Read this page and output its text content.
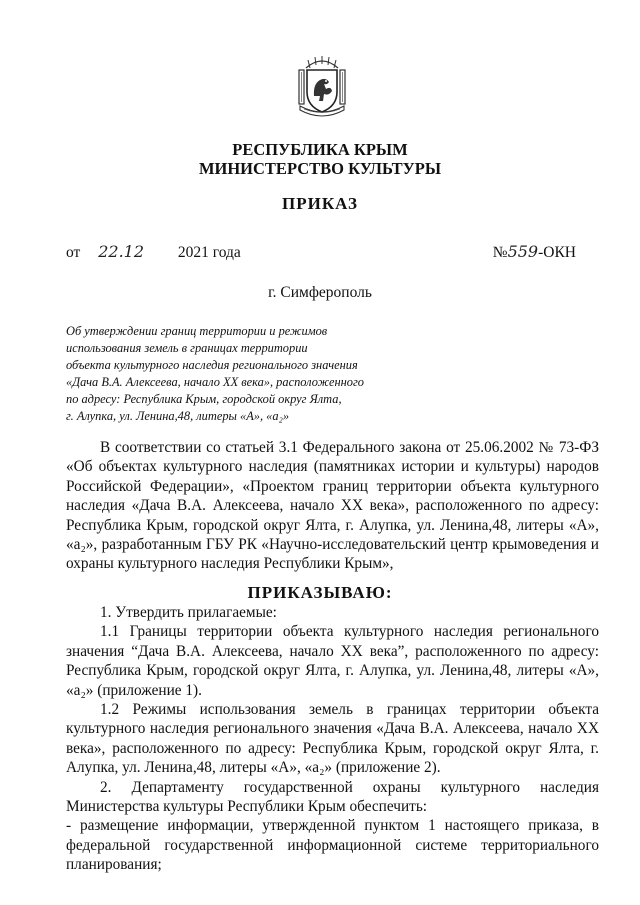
РЕСПУБЛИКА КРЫМ
МИНИСТЕРСТВО КУЛЬТУРЫ
ПРИКАЗ
от 22.12 2021 года	№559-ОКН
г. Симферополь
Об утверждении границ территории и режимов
использования земель в границах территории
объекта культурного наследия регионального значения
«Дача В.А. Алексеева, начало ХХ века», расположенного
по адресу: Республика Крым, городской округ Ялта,
г. Алупка, ул. Ленина,48, литеры «А», «а₂»
В соответствии со статьей 3.1 Федерального закона от 25.06.2002 № 73-ФЗ «Об объектах культурного наследия (памятниках истории и культуры) народов Российской Федерации», «Проектом границ территории объекта культурного наследия «Дача В.А. Алексеева, начало ХХ века», расположенного по адресу: Республика Крым, городской округ Ялта, г. Алупка, ул. Ленина,48, литеры «А», «а₂», разработанным ГБУ РК «Научно-исследовательский центр крымоведения и охраны культурного наследия Республики Крым»,
ПРИКАЗЫВАЮ:

1. Утвердить прилагаемые:

1.1 Границы территории объекта культурного наследия регионального значения “Дача В.А. Алексеева, начало ХХ века”, расположенного по адресу: Республика Крым, городской округ Ялта, г. Алупка, ул. Ленина,48, литеры «А», «а₂» (приложение 1).

1.2 Режимы использования земель в границах территории объекта культурного наследия регионального значения «Дача В.А. Алексеева, начало ХХ века», расположенного по адресу: Республика Крым, городской округ Ялта, г. Алупка, ул. Ленина,48, литеры «А», «а₂» (приложение 2).

2. Департаменту государственной охраны культурного наследия Министерства культуры Республики Крым обеспечить:

- размещение информации, утвержденной пунктом 1 настоящего приказа, в федеральной государственной информационной системе территориального планирования;
